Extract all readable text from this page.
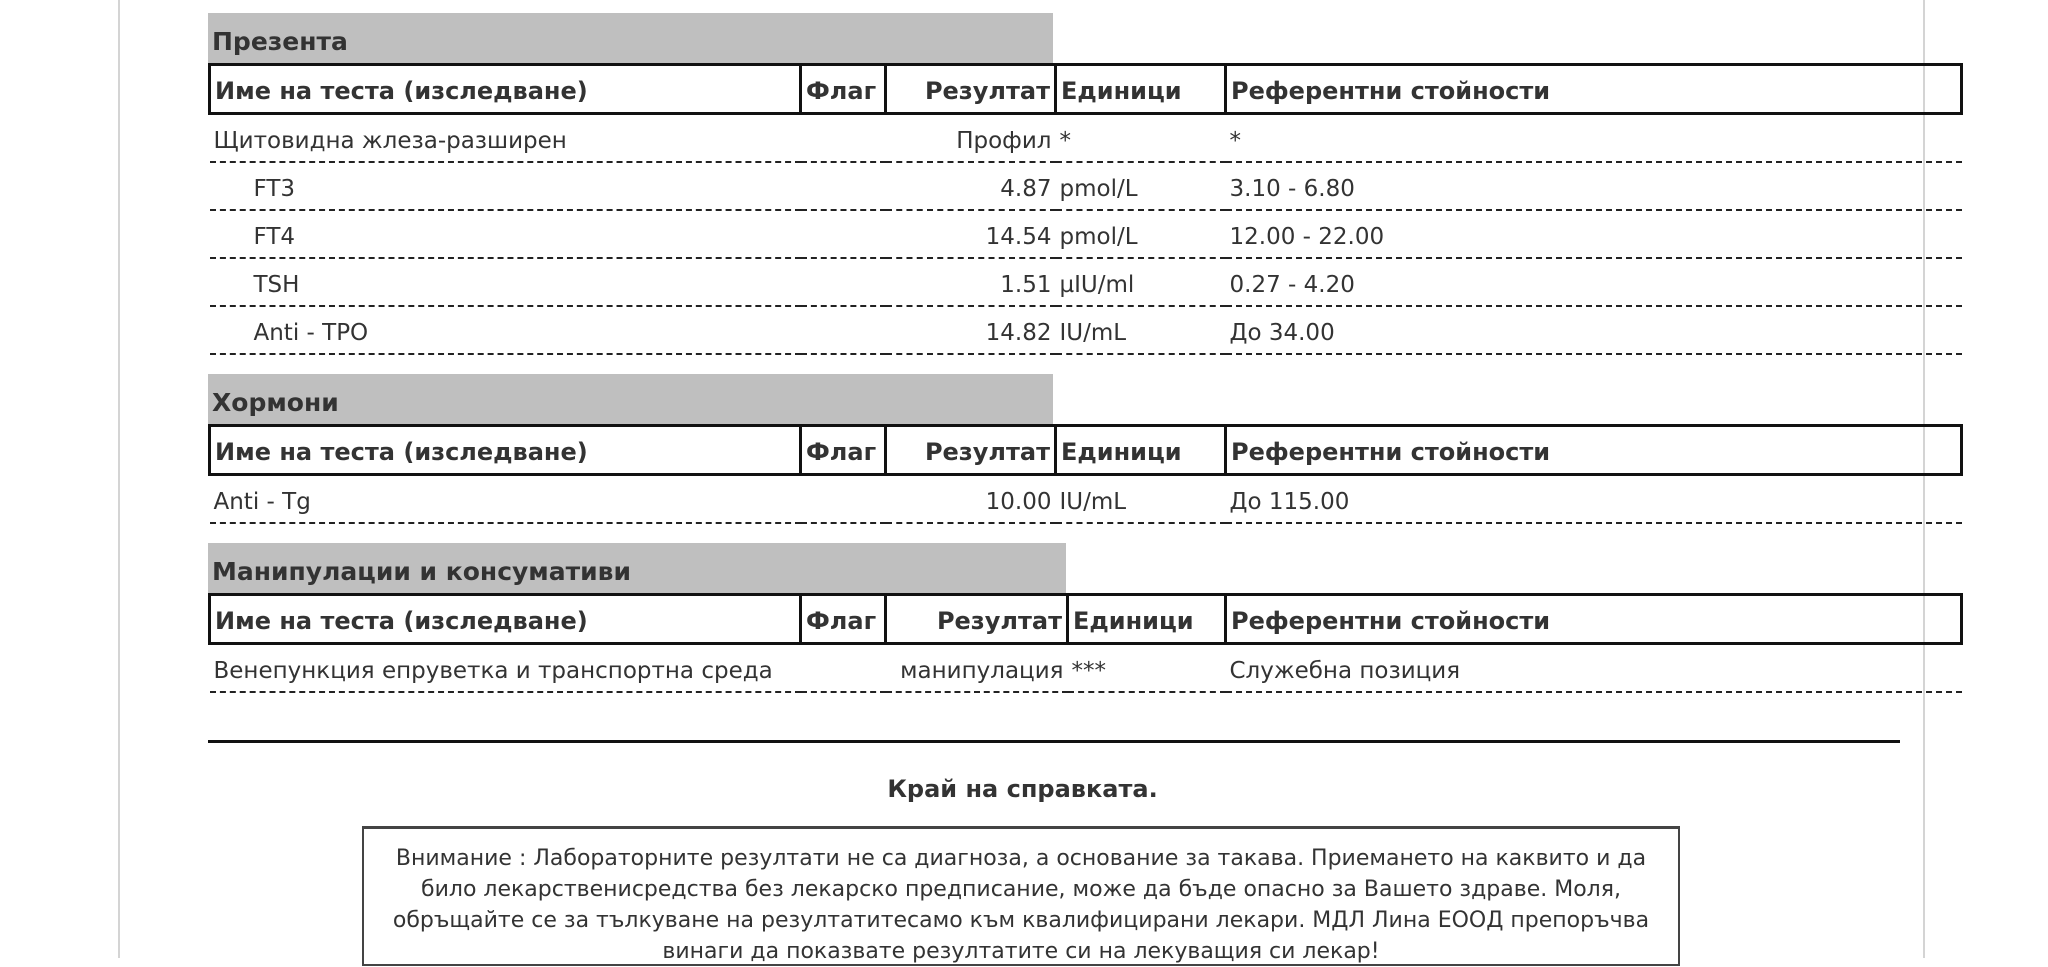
Презента
Име на теста (изследване)	Флаг	Резултат	Единици	Референтни стойности
Щитовидна жлеза-разширен		Профил	*	*
FT3		4.87	pmol/L	3.10 - 6.80
FT4		14.54	pmol/L	12.00 - 22.00
TSH		1.51	µIU/ml	0.27 - 4.20
Anti - TPO		14.82	IU/mL	До 34.00
Хормони
Име на теста (изследване)	Флаг	Резултат	Единици	Референтни стойности
Anti - Tg		10.00	IU/mL	До 115.00
Манипулации и консумативи
Име на теста (изследване)	Флаг	Резултат	Единици	Референтни стойности
Венепункция епруветка и транспортна среда		манипулация	***	Служебна позиция
Край на справката.
Внимание : Лабораторните резултати не са диагноза, а основание за такава. Приемането на каквито и да
било лекарственисредства без лекарско предписание, може да бъде опасно за Вашето здраве. Моля,
обръщайте се за тълкуване на резултатитесамо към квалифицирани лекари. МДЛ Лина ЕООД препоръчва
винаги да показвате резултатите си на лекуващия си лекар!
